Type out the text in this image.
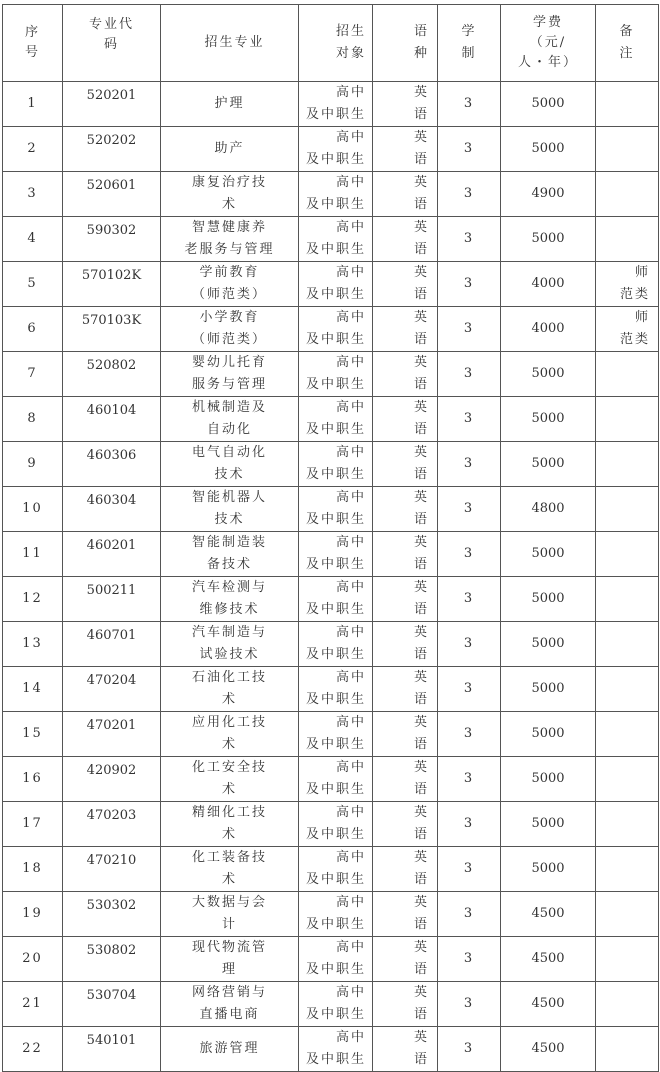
序
号	专业代
码	招生专业	招生
对象	语
种	学
制	学费
（元/
人・年）	备
注

1	520201	护理	高中
及中职生	英
语	3	5000	
2	520202	助产	高中
及中职生	英
语	3	5000	
3	520601	康复治疗技
术	高中
及中职生	英
语	3	4900	
4	590302	智慧健康养
老服务与管理	高中
及中职生	英
语	3	5000	
5	570102K	学前教育
（师范类）	高中
及中职生	英
语	3	4000	师
范类

6	570103K	小学教育
（师范类）	高中
及中职生	英
语	3	4000	师
范类

7	520802	婴幼儿托育
服务与管理	高中
及中职生	英
语	3	5000	
8	460104	机械制造及
自动化	高中
及中职生	英
语	3	5000	
9	460306	电气自动化
技术	高中
及中职生	英
语	3	5000	
10	460304	智能机器人
技术	高中
及中职生	英
语	3	4800	
11	460201	智能制造装
备技术	高中
及中职生	英
语	3	5000	
12	500211	汽车检测与
维修技术	高中
及中职生	英
语	3	5000	
13	460701	汽车制造与
试验技术	高中
及中职生	英
语	3	5000	
14	470204	石油化工技
术	高中
及中职生	英
语	3	5000	
15	470201	应用化工技
术	高中
及中职生	英
语	3	5000	
16	420902	化工安全技
术	高中
及中职生	英
语	3	5000	
17	470203	精细化工技
术	高中
及中职生	英
语	3	5000	
18	470210	化工装备技
术	高中
及中职生	英
语	3	5000	
19	530302	大数据与会
计	高中
及中职生	英
语	3	4500	
20	530802	现代物流管
理	高中
及中职生	英
语	3	4500	
21	530704	网络营销与
直播电商	高中
及中职生	英
语	3	4500	
22	540101	旅游管理	高中
及中职生	英
语	3	4500	
